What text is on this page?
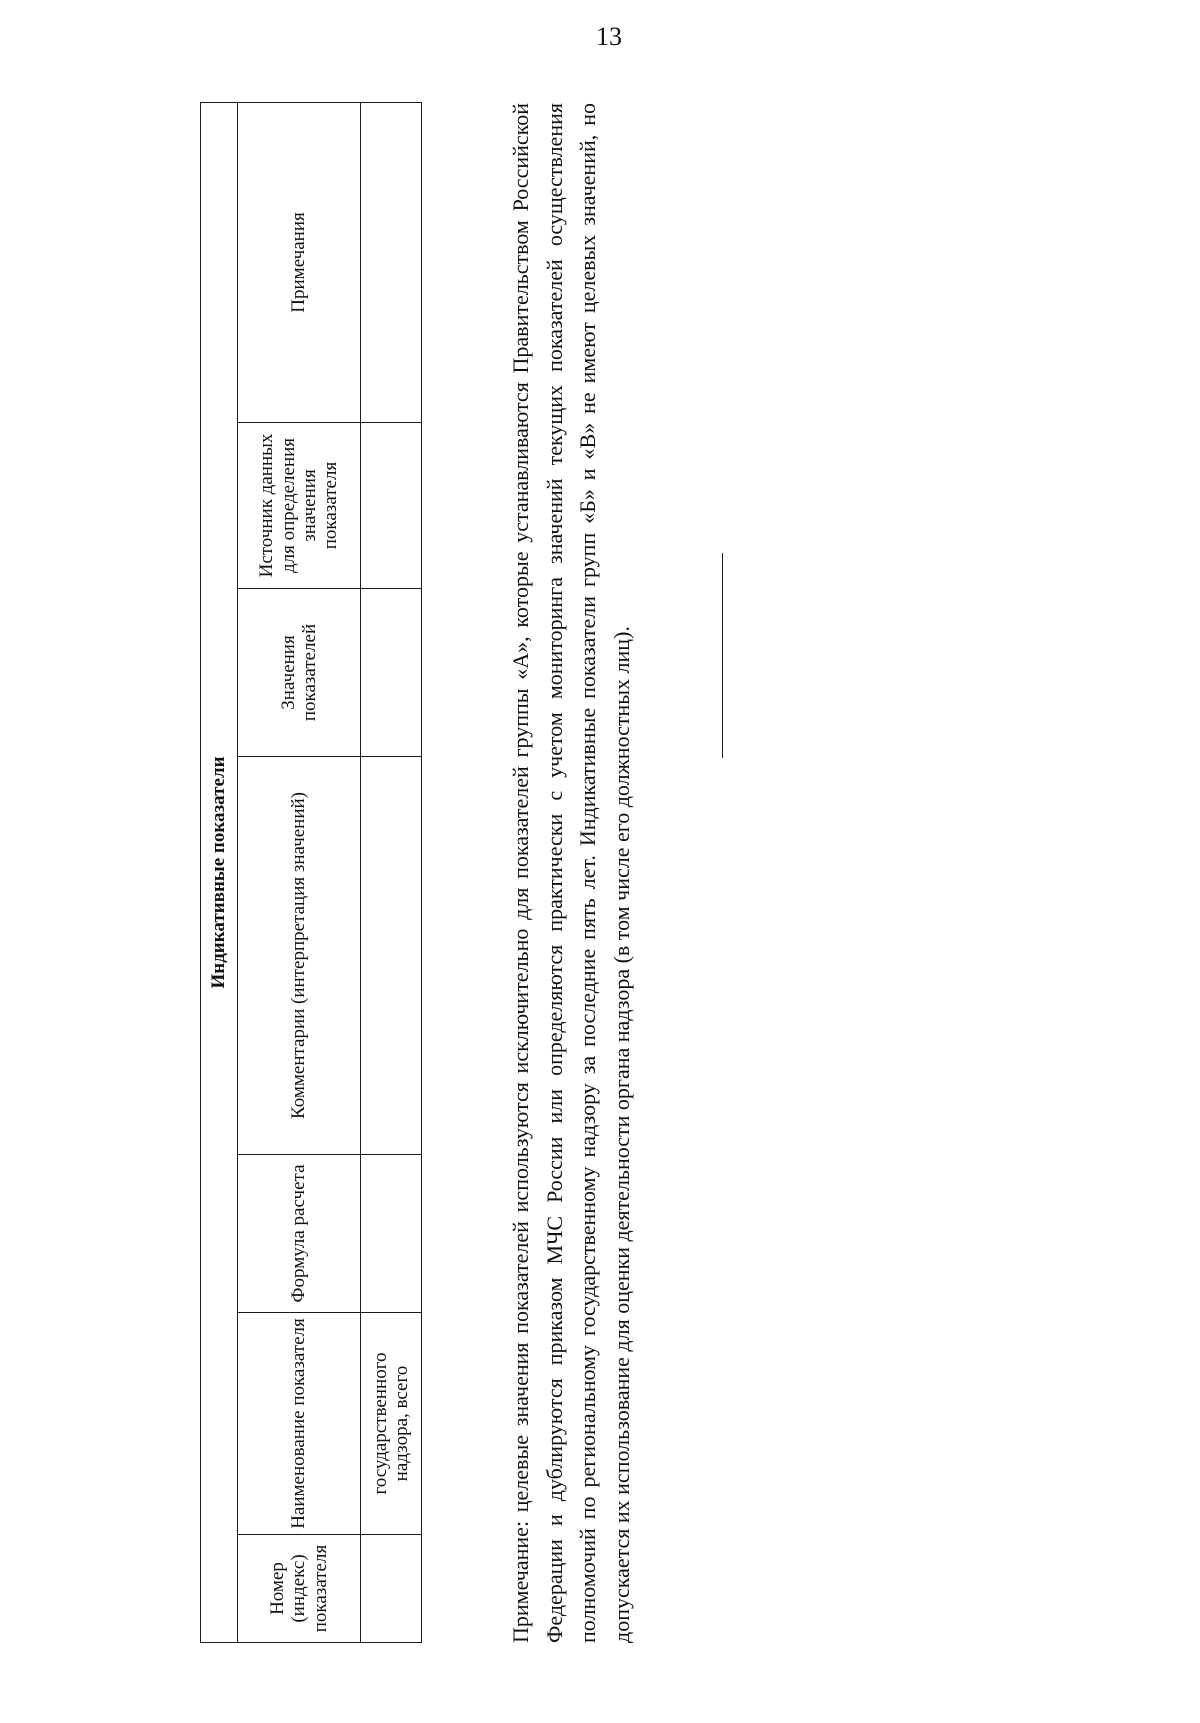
13
Индикативные показатели						
Номер (индекс) показателя	Наименование показателя	Формула расчета	Комментарии (интерпретация значений)	Значения показателей	Источник данных для определения значения показателя	Примечания
	государственного надзора, всего						Примечание: целевые значения показателей используются исключительно для показателей группы «А», которые устанавливаются Правительством Российской Федерации и дублируются приказом МЧС России или определяются практически с учетом мониторинга значений текущих показателей осуществления полномочий по региональному государственному надзору за последние пять лет. Индикативные показатели групп «Б» и «В» не имеют целевых значений, но допускается их использование для оценки деятельности органа надзора (в том числе его должностных лиц).
